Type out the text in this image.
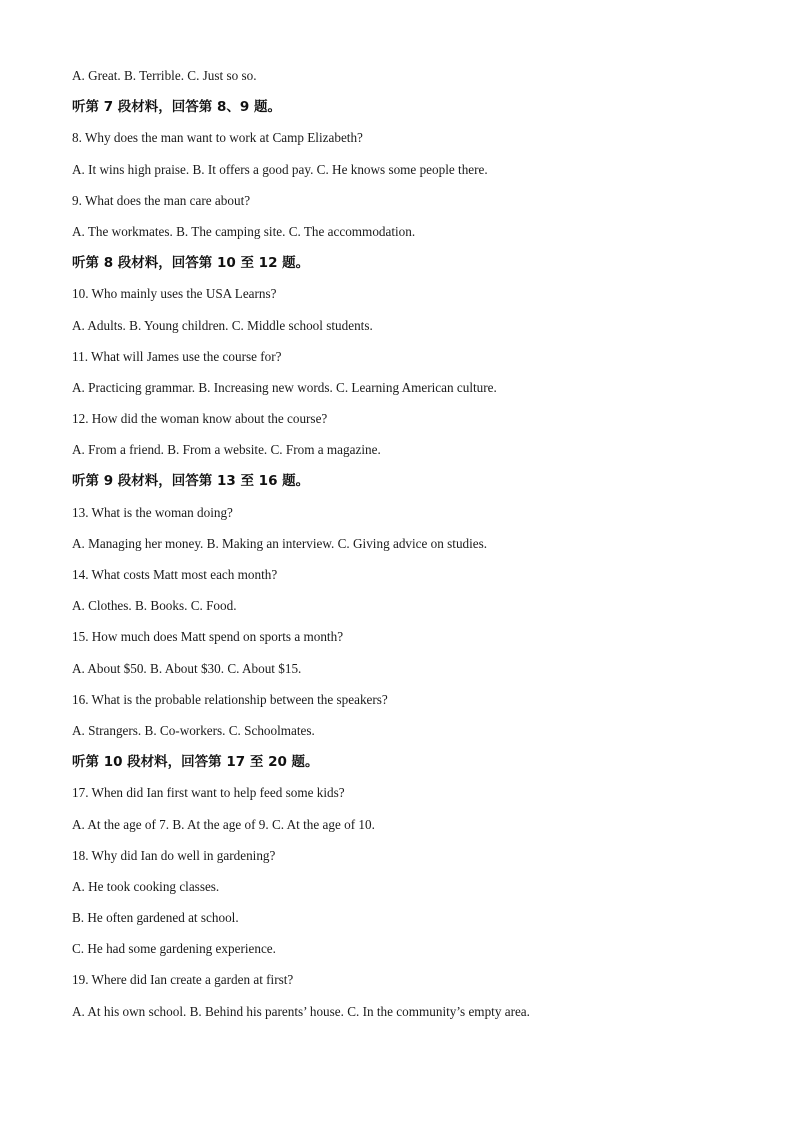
A. Great. B. Terrible. C. Just so so.
听第 7 段材料，回答第 8、9 题。
8. Why does the man want to work at Camp Elizabeth?
A. It wins high praise. B. It offers a good pay. C. He knows some people there.
9. What does the man care about?
A. The workmates. B. The camping site. C. The accommodation.
听第 8 段材料，回答第 10 至 12 题。
10. Who mainly uses the USA Learns?
A. Adults. B. Young children. C. Middle school students.
11. What will James use the course for?
A. Practicing grammar. B. Increasing new words. C. Learning American culture.
12. How did the woman know about the course?
A. From a friend. B. From a website. C. From a magazine.
听第 9 段材料，回答第 13 至 16 题。
13. What is the woman doing?
A. Managing her money. B. Making an interview. C. Giving advice on studies.
14. What costs Matt most each month?
A. Clothes. B. Books. C. Food.
15. How much does Matt spend on sports a month?
A. About $50. B. About $30. C. About $15.
16. What is the probable relationship between the speakers?
A. Strangers. B. Co-workers. C. Schoolmates.
听第 10 段材料，回答第 17 至 20 题。
17. When did Ian first want to help feed some kids?
A. At the age of 7. B. At the age of 9. C. At the age of 10.
18. Why did Ian do well in gardening?
A. He took cooking classes.
B. He often gardened at school.
C. He had some gardening experience.
19. Where did Ian create a garden at first?
A. At his own school. B. Behind his parents’ house. C. In the community’s empty area.
